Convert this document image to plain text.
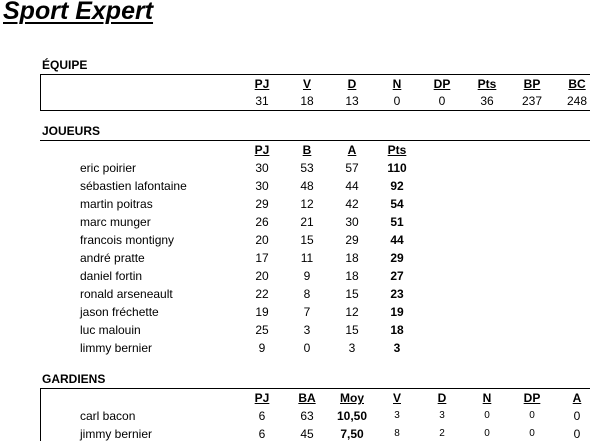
Sport Expert
ÉQUIPE
PJ	V	D	N	DP	Pts	BP	BC
31	18	13	0	0	36	237	248
JOUEURS
PJ	B	A	Pts
eric poirier	30	53	57	110
sébastien lafontaine	30	48	44	92
martin poitras	29	12	42	54
marc munger	26	21	30	51
francois montigny	20	15	29	44
andré pratte	17	11	18	29
daniel fortin	20	9	18	27
ronald arseneault	22	8	15	23
jason fréchette	19	7	12	19
luc malouin	25	3	15	18
limmy bernier	9	0	3	3
GARDIENS
PJ	BA	Moy	V	D	N	DP	A
carl bacon	6	63	10,50	3	3	0	0	0
jimmy bernier	6	45	7,50	8	2	0	0	0
